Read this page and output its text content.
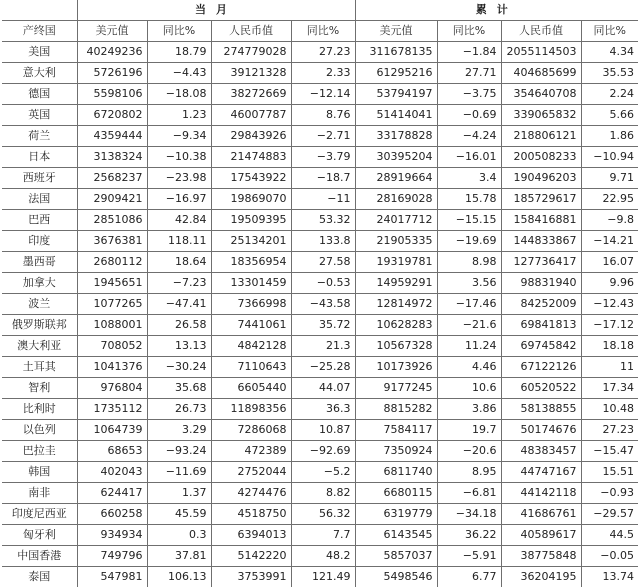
	当月				累计			
产终国	美元值	同比%	人民币值	同比%	美元值	同比%	人民币值	同比%
美国	40249236	18.79	274779028	27.23	311678135	−1.84	2055114503	4.34
意大利	5726196	−4.43	39121328	2.33	61295216	27.71	404685699	35.53
德国	5598106	−18.08	38272669	−12.14	53794197	−3.75	354640708	2.24
英国	6720802	1.23	46007787	8.76	51414041	−0.69	339065832	5.66
荷兰	4359444	−9.34	29843926	−2.71	33178828	−4.24	218806121	1.86
日本	3138324	−10.38	21474883	−3.79	30395204	−16.01	200508233	−10.94
西班牙	2568237	−23.98	17543922	−18.7	28919664	3.4	190496203	9.71
法国	2909421	−16.97	19869070	−11	28169028	15.78	185729617	22.95
巴西	2851086	42.84	19509395	53.32	24017712	−15.15	158416881	−9.8
印度	3676381	118.11	25134201	133.8	21905335	−19.69	144833867	−14.21
墨西哥	2680112	18.64	18356954	27.58	19319781	8.98	127736417	16.07
加拿大	1945651	−7.23	13301459	−0.53	14959291	3.56	98831940	9.96
波兰	1077265	−47.41	7366998	−43.58	12814972	−17.46	84252009	−12.43
俄罗斯联邦	1088001	26.58	7441061	35.72	10628283	−21.6	69841813	−17.12
澳大利亚	708052	13.13	4842128	21.3	10567328	11.24	69745842	18.18
土耳其	1041376	−30.24	7110643	−25.28	10173926	4.46	67122126	11
智利	976804	35.68	6605440	44.07	9177245	10.6	60520522	17.34
比利时	1735112	26.73	11898356	36.3	8815282	3.86	58138855	10.48
以色列	1064739	3.29	7286068	10.87	7584117	19.7	50174676	27.23
巴拉圭	68653	−93.24	472389	−92.69	7350924	−20.6	48383457	−15.47
韩国	402043	−11.69	2752044	−5.2	6811740	8.95	44747167	15.51
南非	624417	1.37	4274476	8.82	6680115	−6.81	44142118	−0.93
印度尼西亚	660258	45.59	4518750	56.32	6319779	−34.18	41686761	−29.57
匈牙利	934934	0.3	6394013	7.7	6143545	36.22	40589617	44.5
中国香港	749796	37.81	5142220	48.2	5857037	−5.91	38775848	−0.05
泰国	547981	106.13	3753991	121.49	5498546	6.77	36204195	13.74
